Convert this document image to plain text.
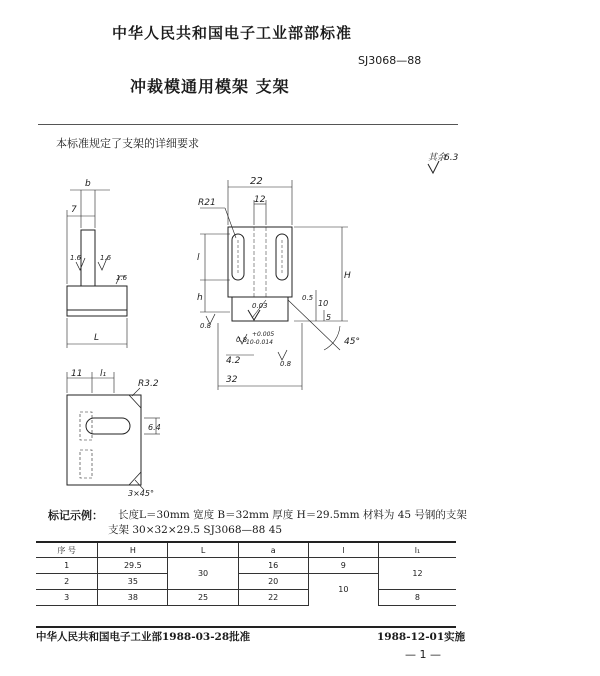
中华人民共和国电子工业部部标准
SJ3068—88
冲裁模通用模架 支架
本标准规定了支架的详细要求
其余
6.3
b
7
1.6	1.6
1.6
L
22
12
R21
l
h
H
0.03
0.5
10
5
+0.005
10-0.014
0.8
0.8
0.8
4.2
32
45°
11 l₁
R3.2
6.4
3×45°
标记示例： 长度L＝30mm 宽度 B＝32mm 厚度 H＝29.5mm 材料为 45 号钢的支架
支架 30×32×29.5 SJ3068—88 45
序 号	H	L	a	l	l₁
1	29.5	30	16	9	12
2	35		20	10	
3	38	25	22		8
中华人民共和国电子工业部1988-03-28批准	1988-12-01实施
— 1 —
